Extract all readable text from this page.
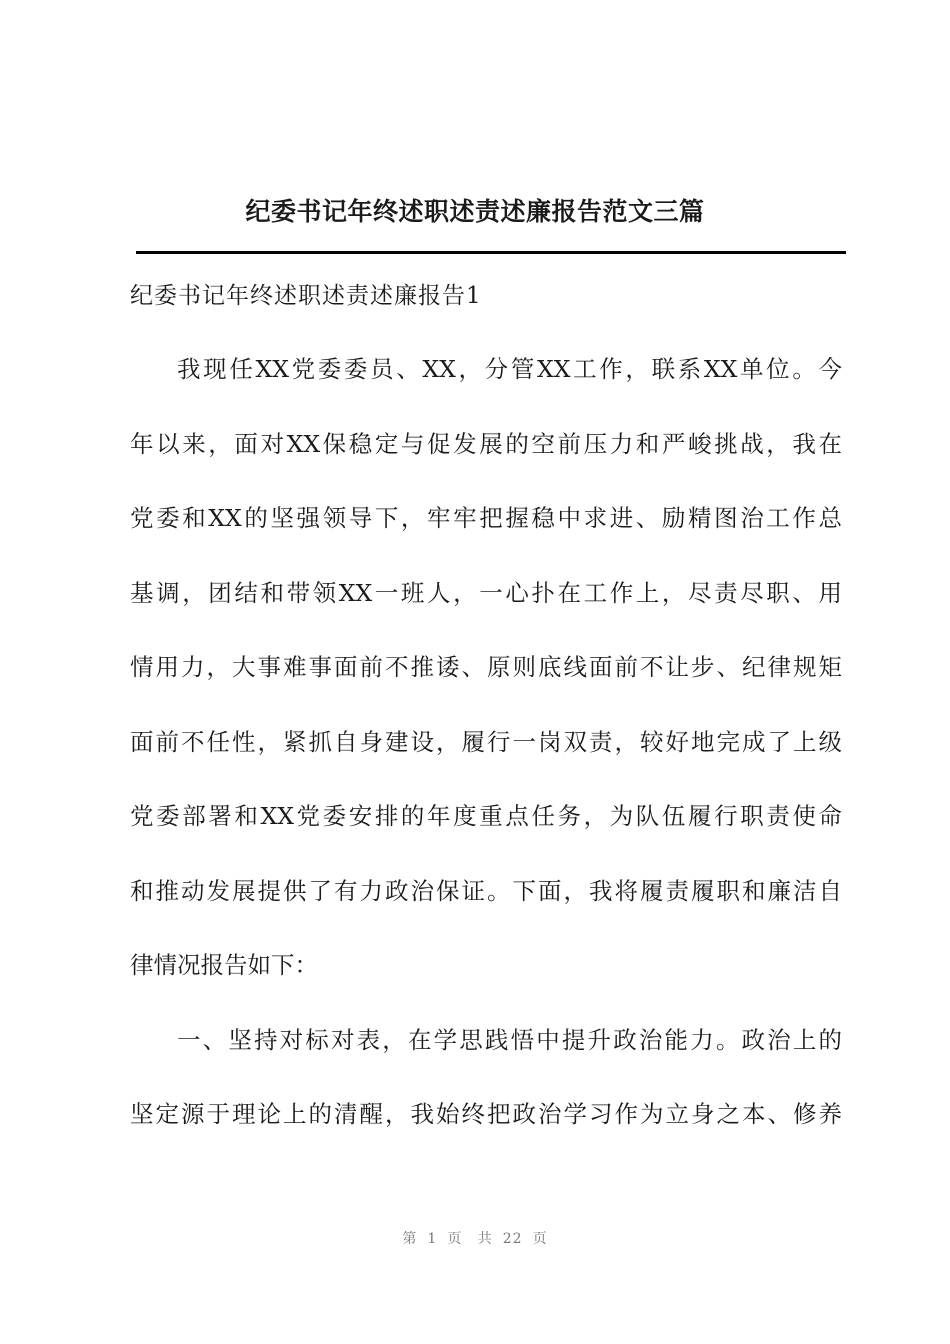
纪委书记年终述职述责述廉报告范文三篇
纪委书记年终述职述责述廉报告1
我现任XX党委委员、XX，分管XX工作，联系XX单位。今
年以来，面对XX保稳定与促发展的空前压力和严峻挑战，我在
党委和XX的坚强领导下，牢牢把握稳中求进、励精图治工作总
基调，团结和带领XX一班人，一心扑在工作上，尽责尽职、用
情用力，大事难事面前不推诿、原则底线面前不让步、纪律规矩
面前不任性，紧抓自身建设，履行一岗双责，较好地完成了上级
党委部署和XX党委安排的年度重点任务，为队伍履行职责使命
和推动发展提供了有力政治保证。下面，我将履责履职和廉洁自
律情况报告如下：
一、坚持对标对表，在学思践悟中提升政治能力。政治上的
坚定源于理论上的清醒，我始终把政治学习作为立身之本、修养
第 1 页 共 22 页
